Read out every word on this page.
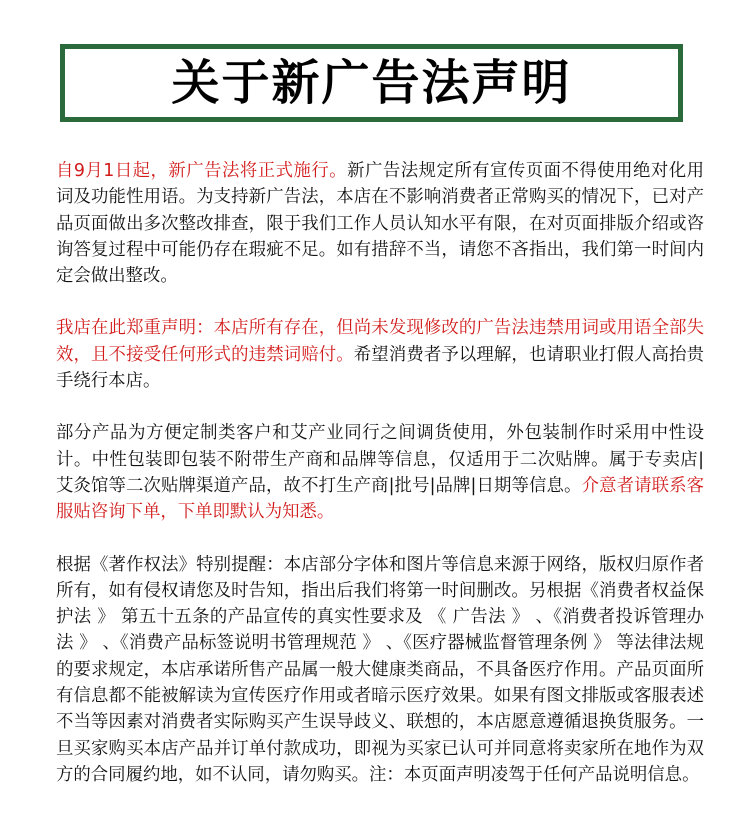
关于新广告法声明

自9月1日起，新广告法将正式施行。新广告法规定所有宣传页面不得使用绝对化用词及功能性用语。为支持新广告法，本店在不影响消费者正常购买的情况下，已对产品页面做出多次整改排查，限于我们工作人员认知水平有限，在对页面排版介绍或咨询答复过程中可能仍存在瑕疵不足。如有措辞不当，请您不吝指出，我们第一时间内定会做出整改。

我店在此郑重声明：本店所有存在，但尚未发现修改的广告法违禁用词或用语全部失效，且不接受任何形式的违禁词赔付。希望消费者予以理解，也请职业打假人高抬贵手绕行本店。

部分产品为方便定制类客户和艾产业同行之间调货使用，外包装制作时采用中性设计。中性包装即包装不附带生产商和品牌等信息，仅适用于二次贴牌。属于专卖店|艾灸馆等二次贴牌渠道产品，故不打生产商|批号|品牌|日期等信息。介意者请联系客服贴咨询下单，下单即默认为知悉。

根据《著作权法》特别提醒：本店部分字体和图片等信息来源于网络，版权归原作者所有，如有侵权请您及时告知，指出后我们将第一时间删改。另根据《消费者权益保护法 》 第五十五条的产品宣传的真实性要求及 《 广告法 》 、《消费者投诉管理办法 》 、《消费产品标签说明书管理规范 》 、《医疗器械监督管理条例 》 等法律法规的要求规定，本店承诺所售产品属一般大健康类商品，不具备医疗作用。产品页面所有信息都不能被解读为宣传医疗作用或者暗示医疗效果。如果有图文排版或客服表述不当等因素对消费者实际购买产生误导歧义、联想的，本店愿意遵循退换货服务。一旦买家购买本店产品并订单付款成功，即视为买家已认可并同意将卖家所在地作为双方的合同履约地，如不认同，请勿购买。注：本页面声明凌驾于任何产品说明信息。
